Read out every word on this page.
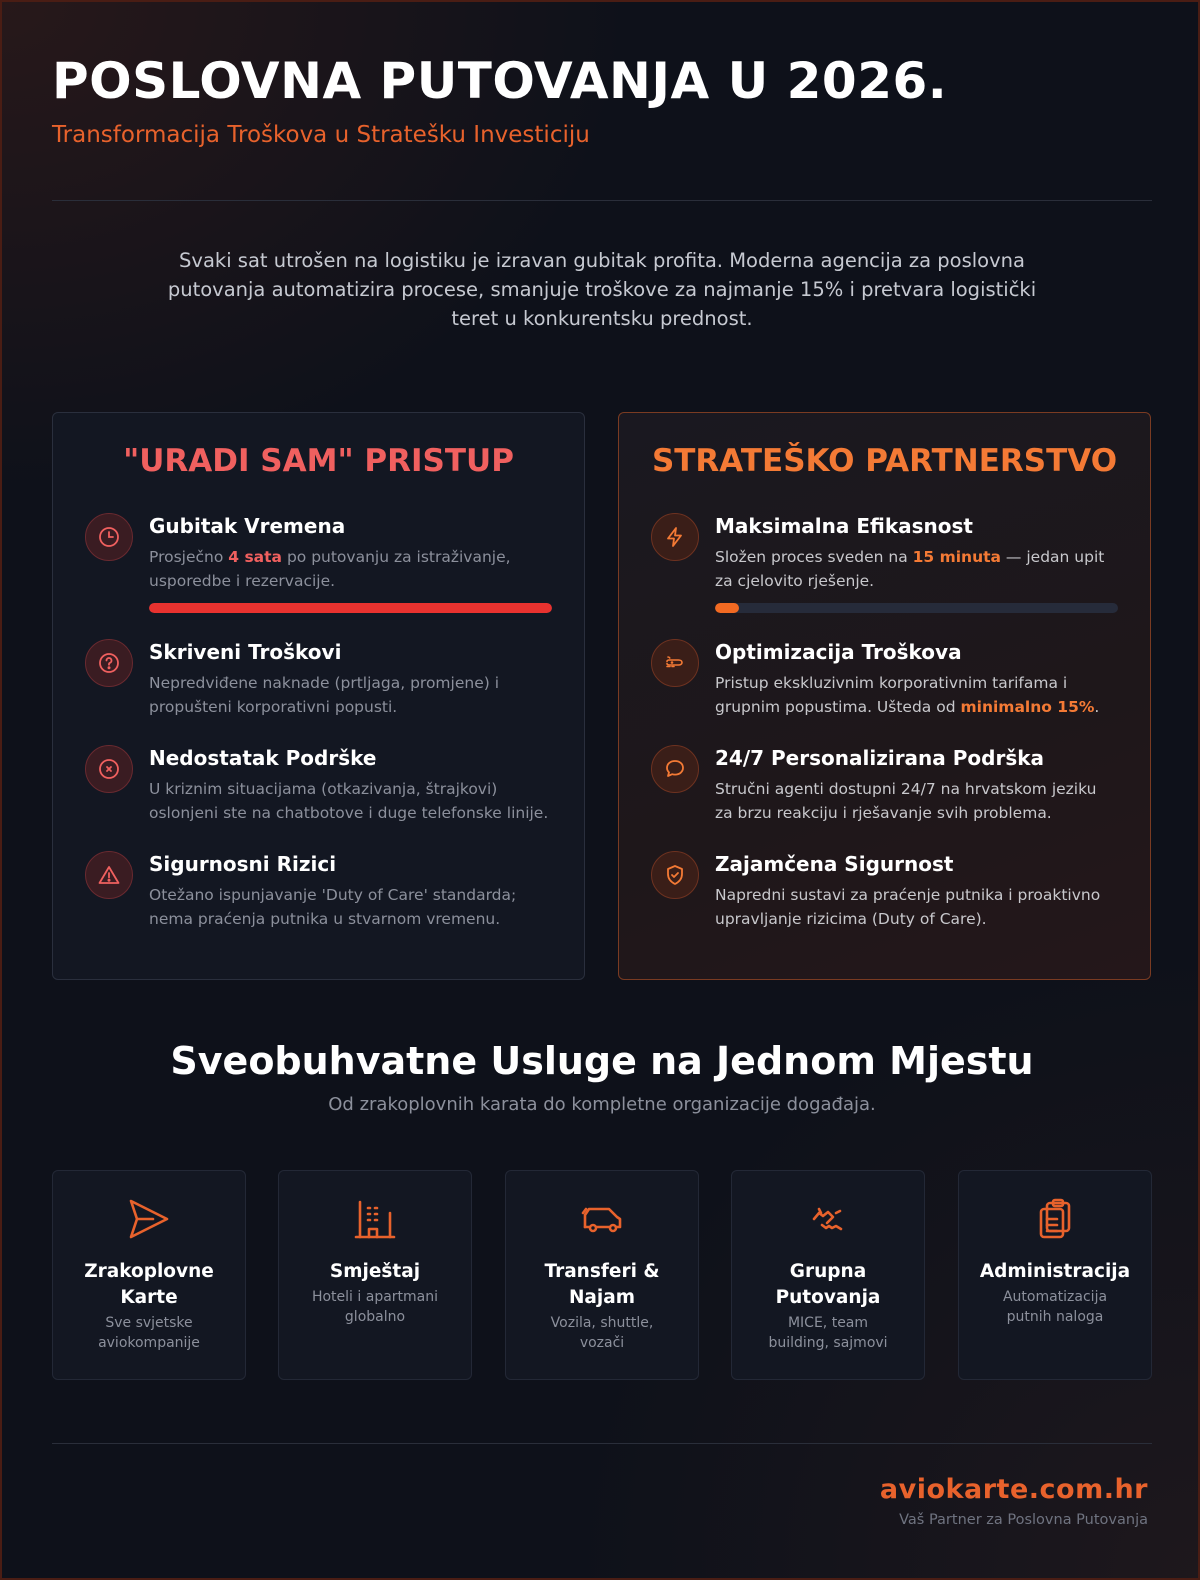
POSLOVNA PUTOVANJA U 2026.
Transformacija Troškova u Stratešku Investiciju
Svaki sat utrošen na logistiku je izravan gubitak profita. Moderna agencija za poslovna putovanja automatizira procese, smanjuje troškove za najmanje 15% i pretvara logistički teret u konkurentsku prednost.
"URADI SAM" PRISTUP
Gubitak Vremena
Prosječno 4 sata po putovanju za istraživanje, usporedbe i rezervacije.
Skriveni Troškovi
Nepredviđene naknade (prtljaga, promjene) i propušteni korporativni popusti.
Nedostatak Podrške
U kriznim situacijama (otkazivanja, štrajkovi) oslonjeni ste na chatbotove i duge telefonske linije.
Sigurnosni Rizici
Otežano ispunjavanje 'Duty of Care' standarda; nema praćenja putnika u stvarnom vremenu.
STRATEŠKO PARTNERSTVO
Maksimalna Efikasnost
Složen proces sveden na 15 minuta — jedan upit za cjelovito rješenje.
Optimizacija Troškova
Pristup ekskluzivnim korporativnim tarifama i grupnim popustima. Ušteda od minimalno 15%.
24/7 Personalizirana Podrška
Stručni agenti dostupni 24/7 na hrvatskom jeziku za brzu reakciju i rješavanje svih problema.
Zajamčena Sigurnost
Napredni sustavi za praćenje putnika i proaktivno upravljanje rizicima (Duty of Care).
Sveobuhvatne Usluge na Jednom Mjestu
Od zrakoplovnih karata do kompletne organizacije događaja.
Zrakoplovne Karte
Sve svjetske aviokompanije
Smještaj
Hoteli i apartmani globalno
Transferi & Najam
Vozila, shuttle, vozači
Grupna Putovanja
MICE, team building, sajmovi
Administracija
Automatizacija putnih naloga
aviokarte.com.hr
Vaš Partner za Poslovna Putovanja
